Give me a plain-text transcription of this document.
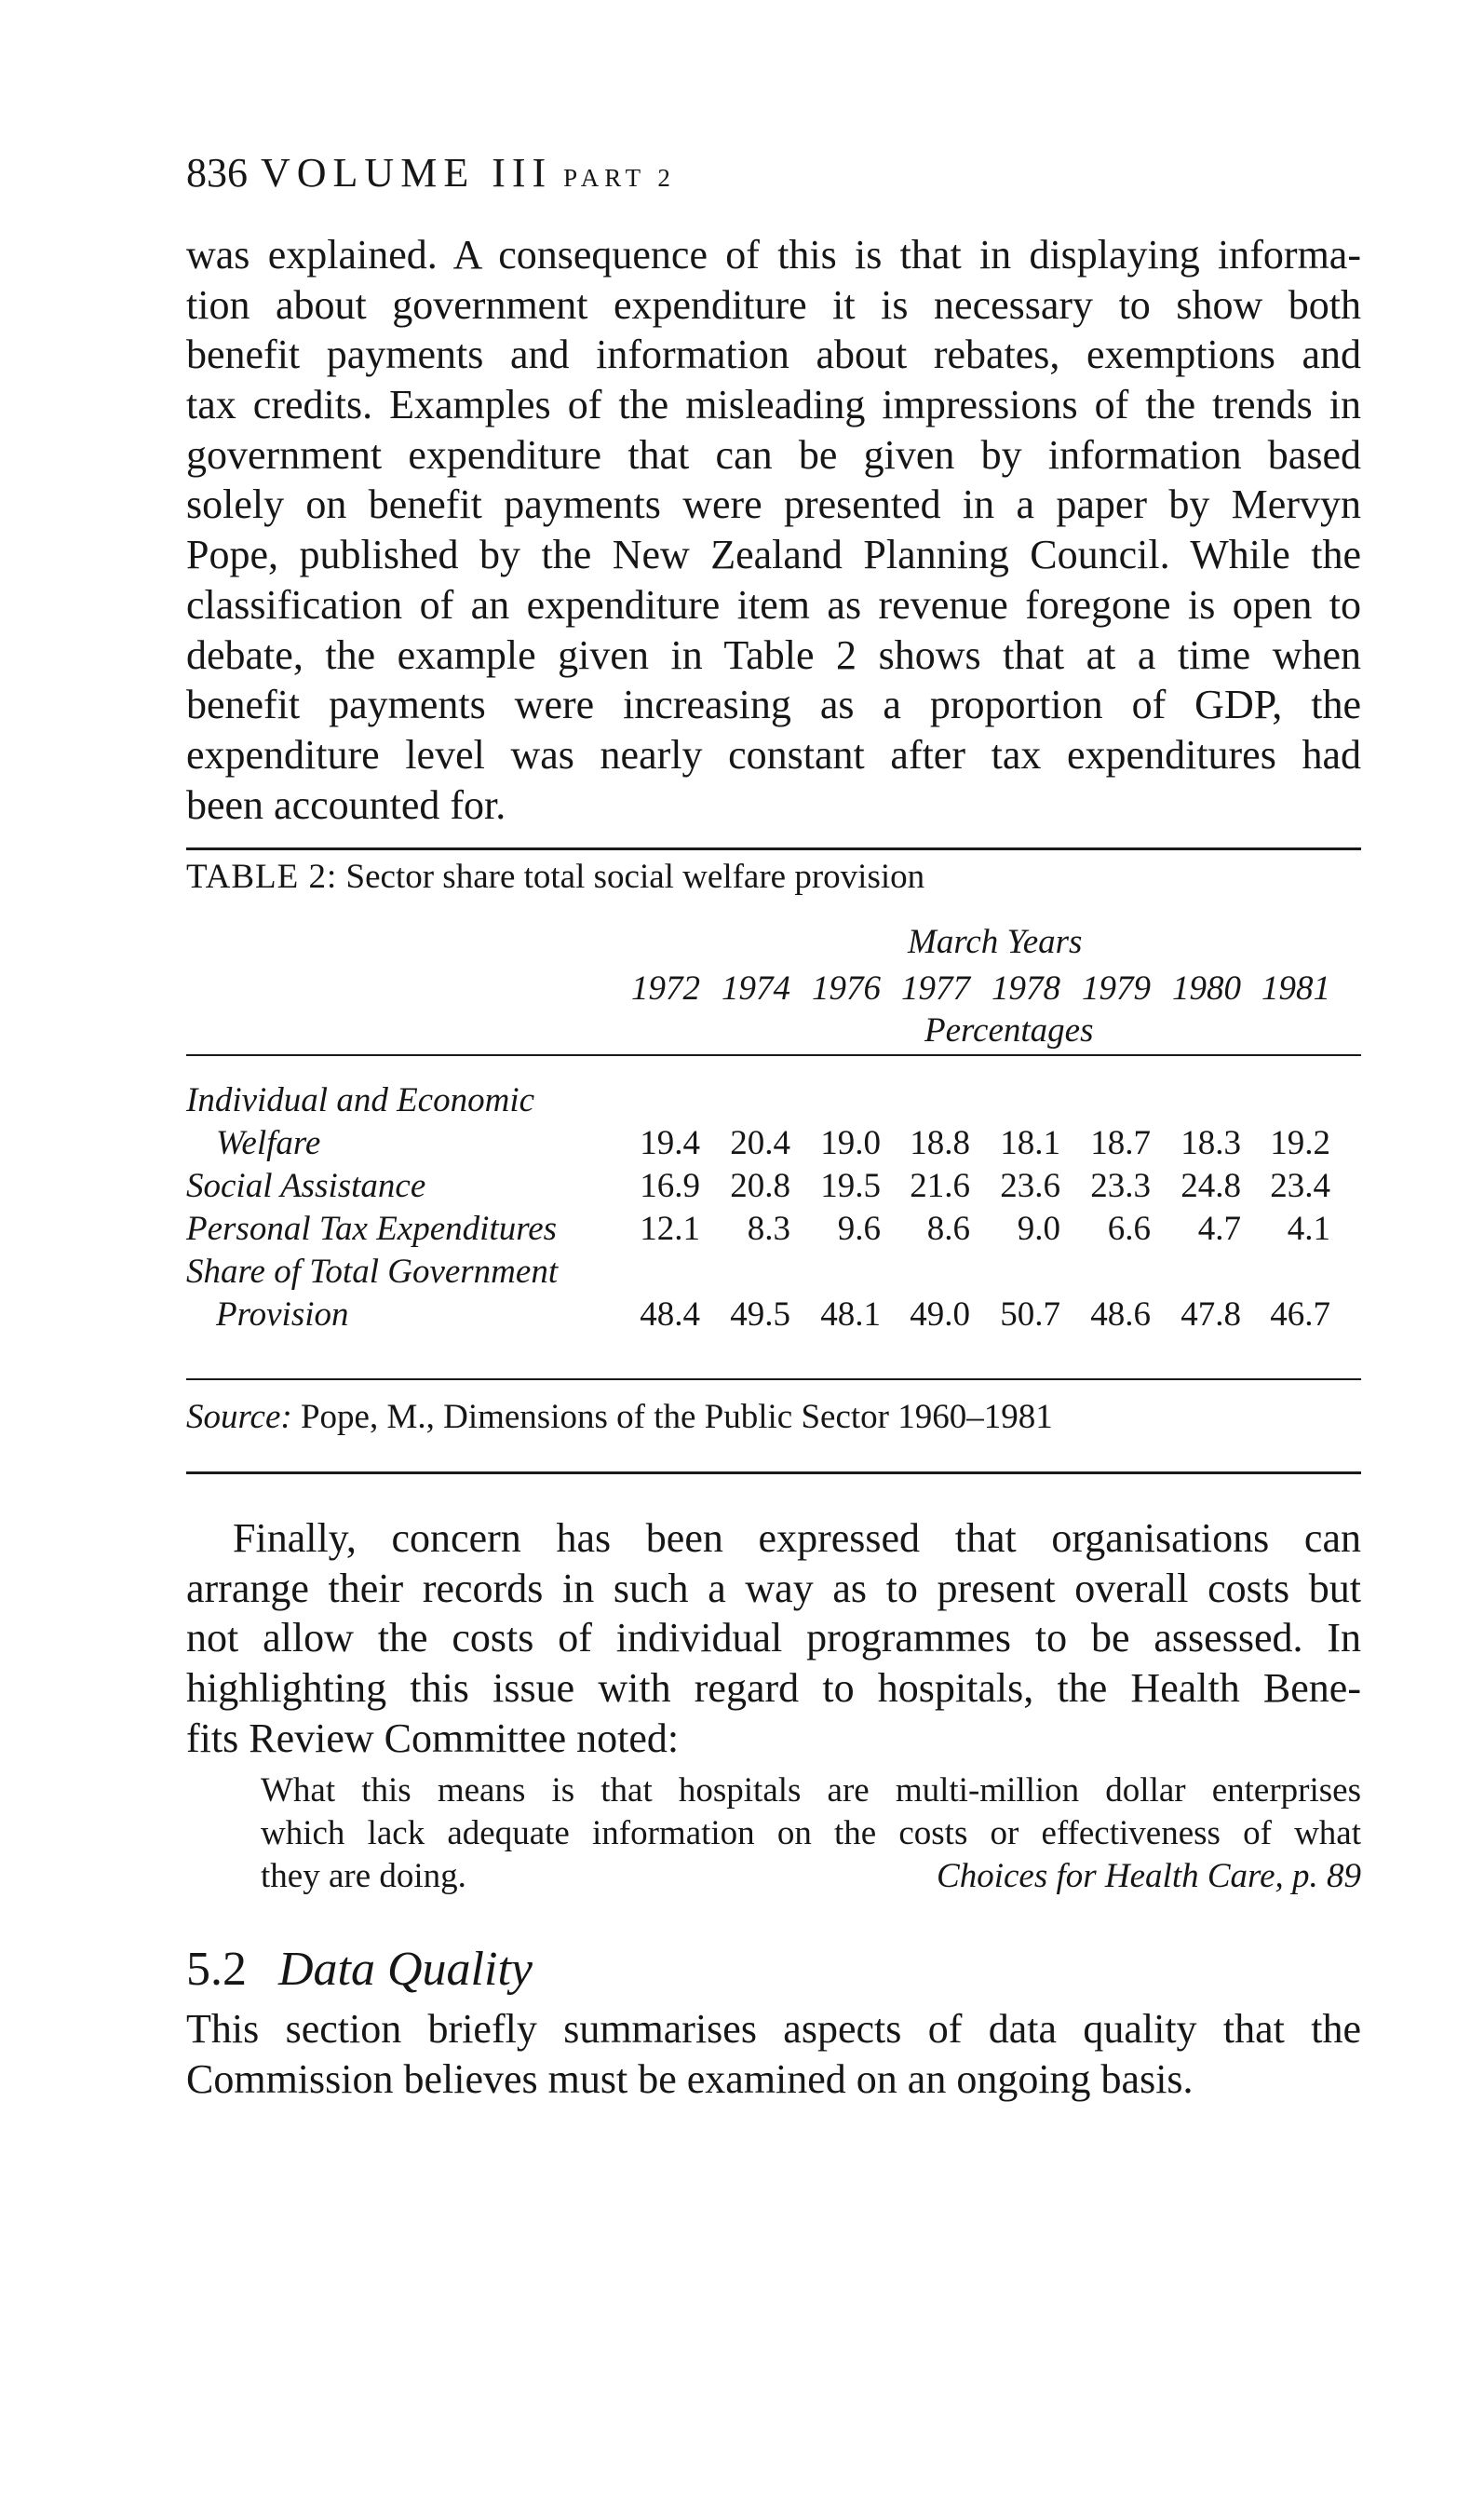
836 VOLUME III PART 2
was explained. A consequence of this is that in displaying informa-
tion about government expenditure it is necessary to show both
benefit payments and information about rebates, exemptions and
tax credits. Examples of the misleading impressions of the trends in
government expenditure that can be given by information based
solely on benefit payments were presented in a paper by Mervyn
Pope, published by the New Zealand Planning Council. While the
classification of an expenditure item as revenue foregone is open to
debate, the example given in Table 2 shows that at a time when
benefit payments were increasing as a proportion of GDP, the
expenditure level was nearly constant after tax expenditures had
been accounted for.
TABLE 2: Sector share total social welfare provision
March Years
1972 1974 1976 1977 1978 1979 1980 1981
Percentages
Individual and Economic
Welfare	19.4 20.4 19.0 18.8 18.1 18.7 18.3 19.2
Social Assistance	16.9 20.8 19.5 21.6 23.6 23.3 24.8 23.4
Personal Tax Expenditures	12.1	8.3	9.6	8.6	9.0	6.6	4.7	4.1
Share of Total Government
Provision	48.4 49.5 48.1 49.0 50.7 48.6 47.8 46.7
Source: Pope, M., Dimensions of the Public Sector 1960–1981
Finally, concern has been expressed that organisations can
arrange their records in such a way as to present overall costs but
not allow the costs of individual programmes to be assessed. In
highlighting this issue with regard to hospitals, the Health Bene-
fits Review Committee noted:
What this means is that hospitals are multi-million dollar enterprises
which lack adequate information on the costs or effectiveness of what
they are doing.	Choices for Health Care, p. 89
5.2 Data Quality
This section briefly summarises aspects of data quality that the
Commission believes must be examined on an ongoing basis.
